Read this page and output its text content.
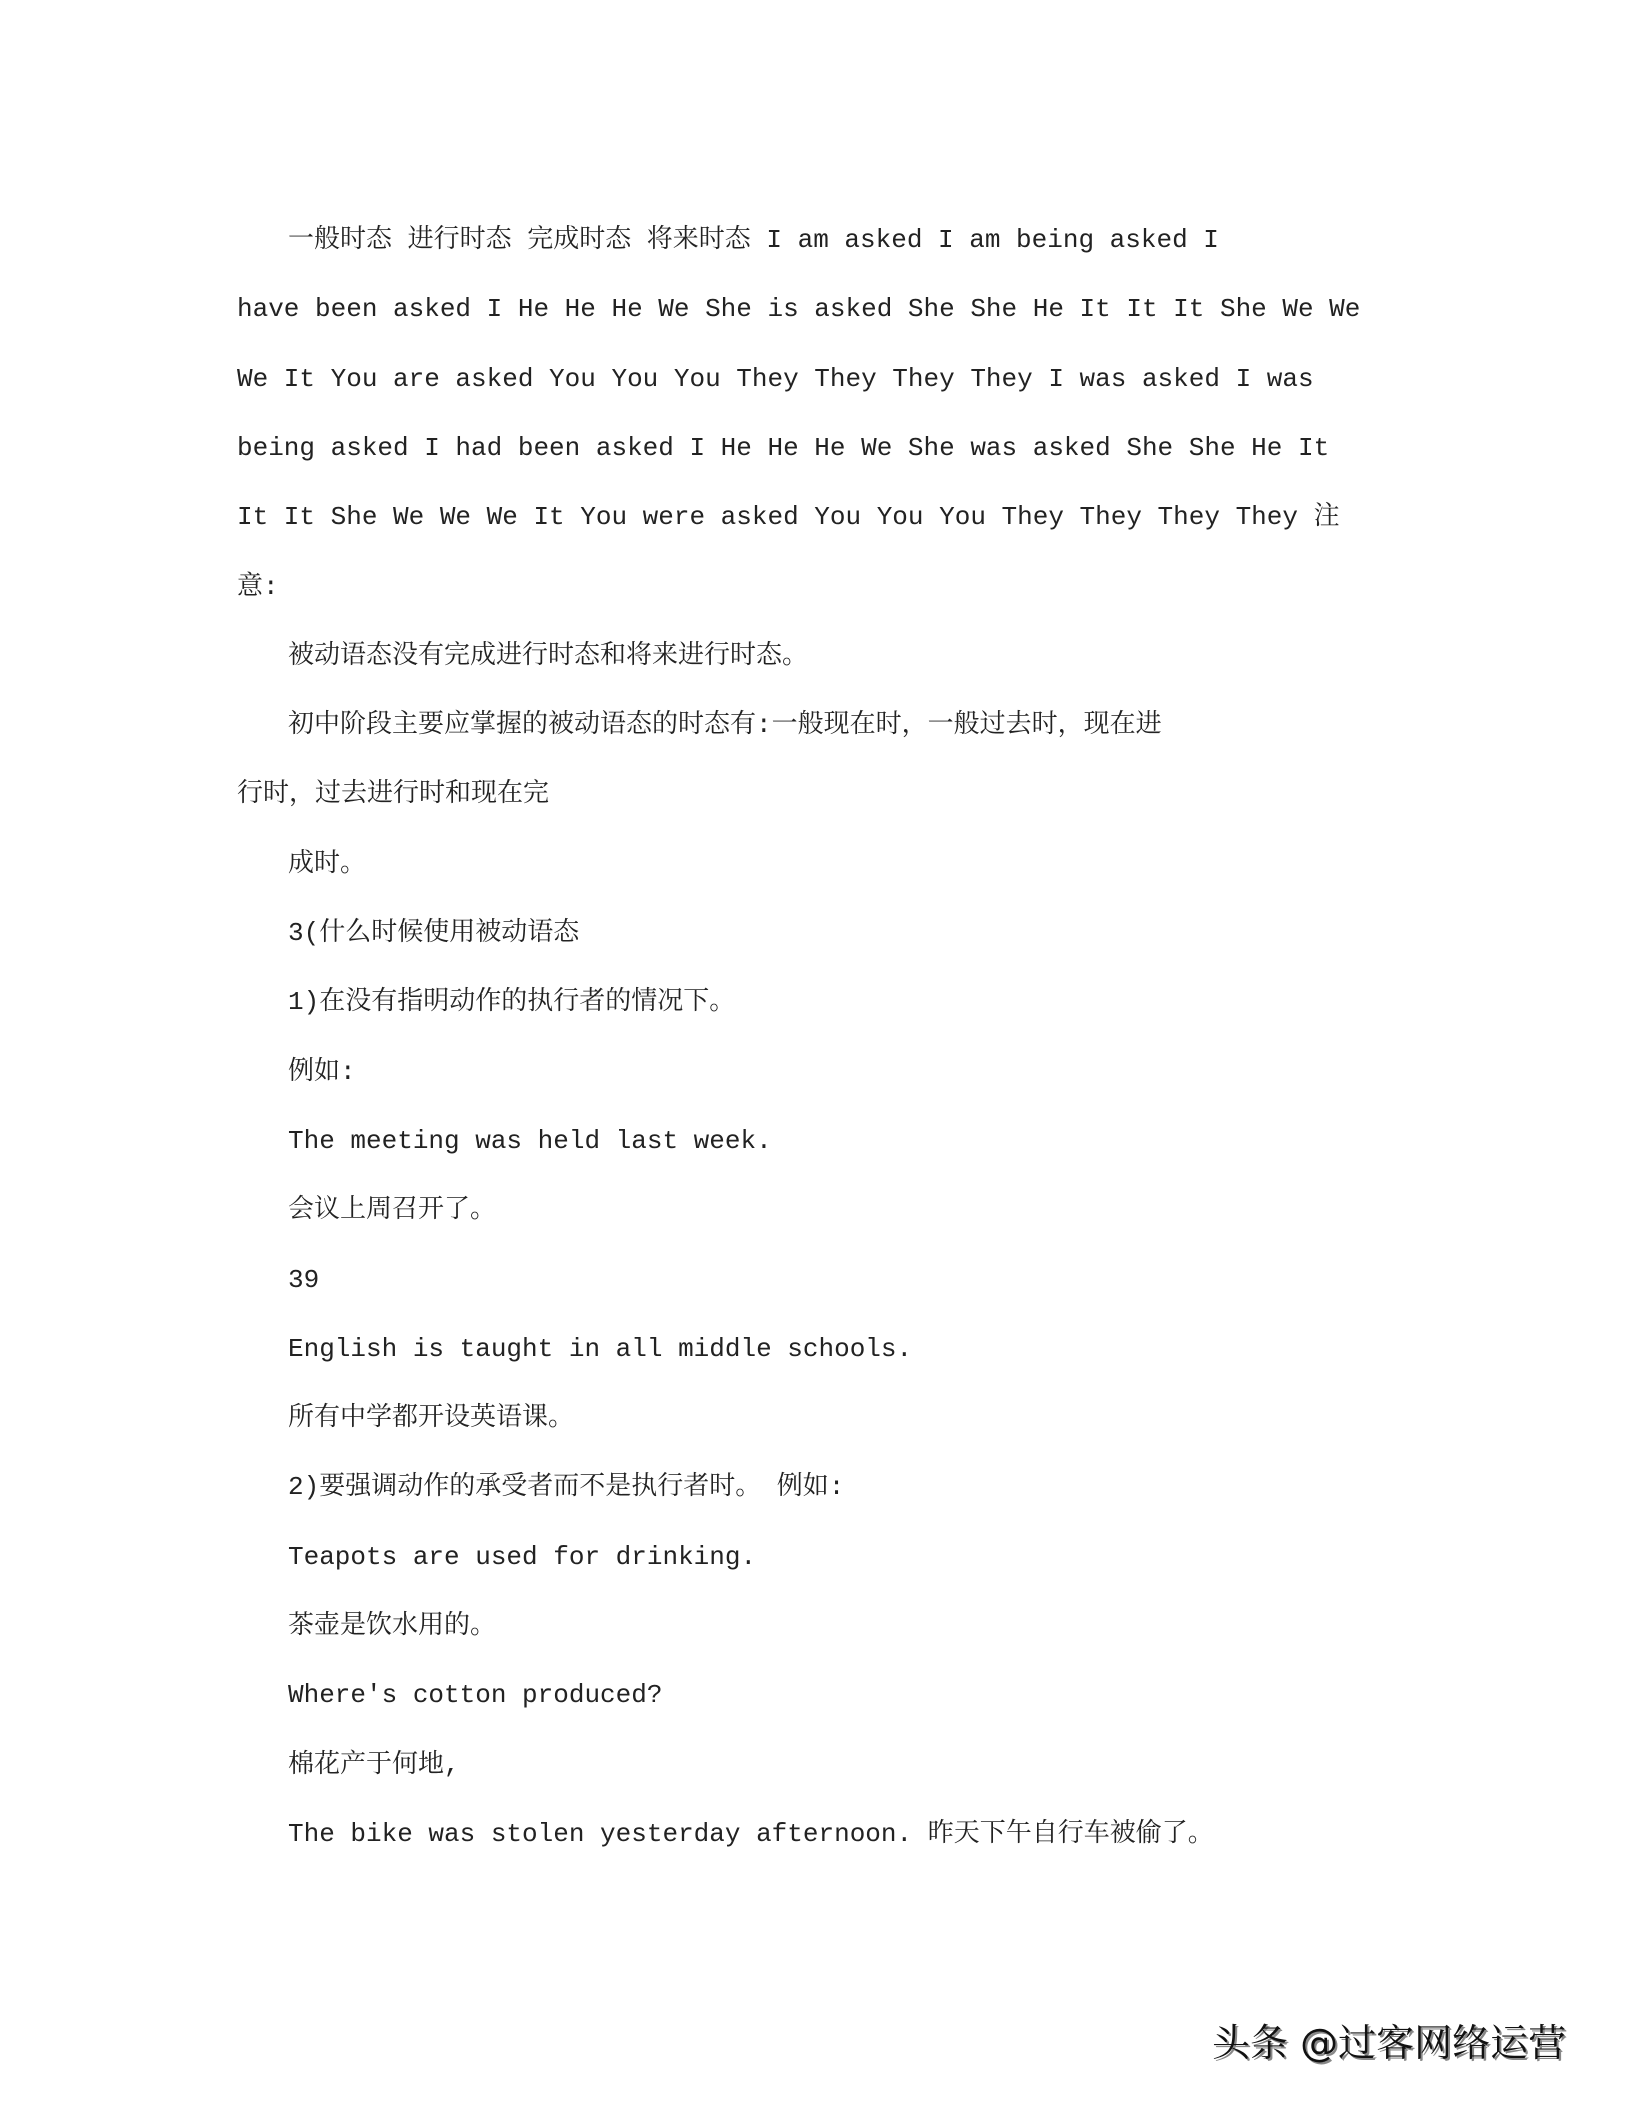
一般时态 进行时态 完成时态 将来时态 I am asked I am being asked I
have been asked I He He He We She is asked She She He It It It She We We
We It You are asked You You You They They They They I was asked I was
being asked I had been asked I He He He We She was asked She She He It
It It She We We We It You were asked You You You They They They They 注
意:
被动语态没有完成进行时态和将来进行时态。
初中阶段主要应掌握的被动语态的时态有:一般现在时，一般过去时，现在进
行时，过去进行时和现在完
成时。
3(什么时候使用被动语态
1)在没有指明动作的执行者的情况下。
例如:
The meeting was held last week.
会议上周召开了。
39
English is taught in all middle schools.
所有中学都开设英语课。
2)要强调动作的承受者而不是执行者时。 例如:
Teapots are used for drinking.
茶壶是饮水用的。
Where's cotton produced?
棉花产于何地,
The bike was stolen yesterday afternoon. 昨天下午自行车被偷了。
头条 @过客网络运营
